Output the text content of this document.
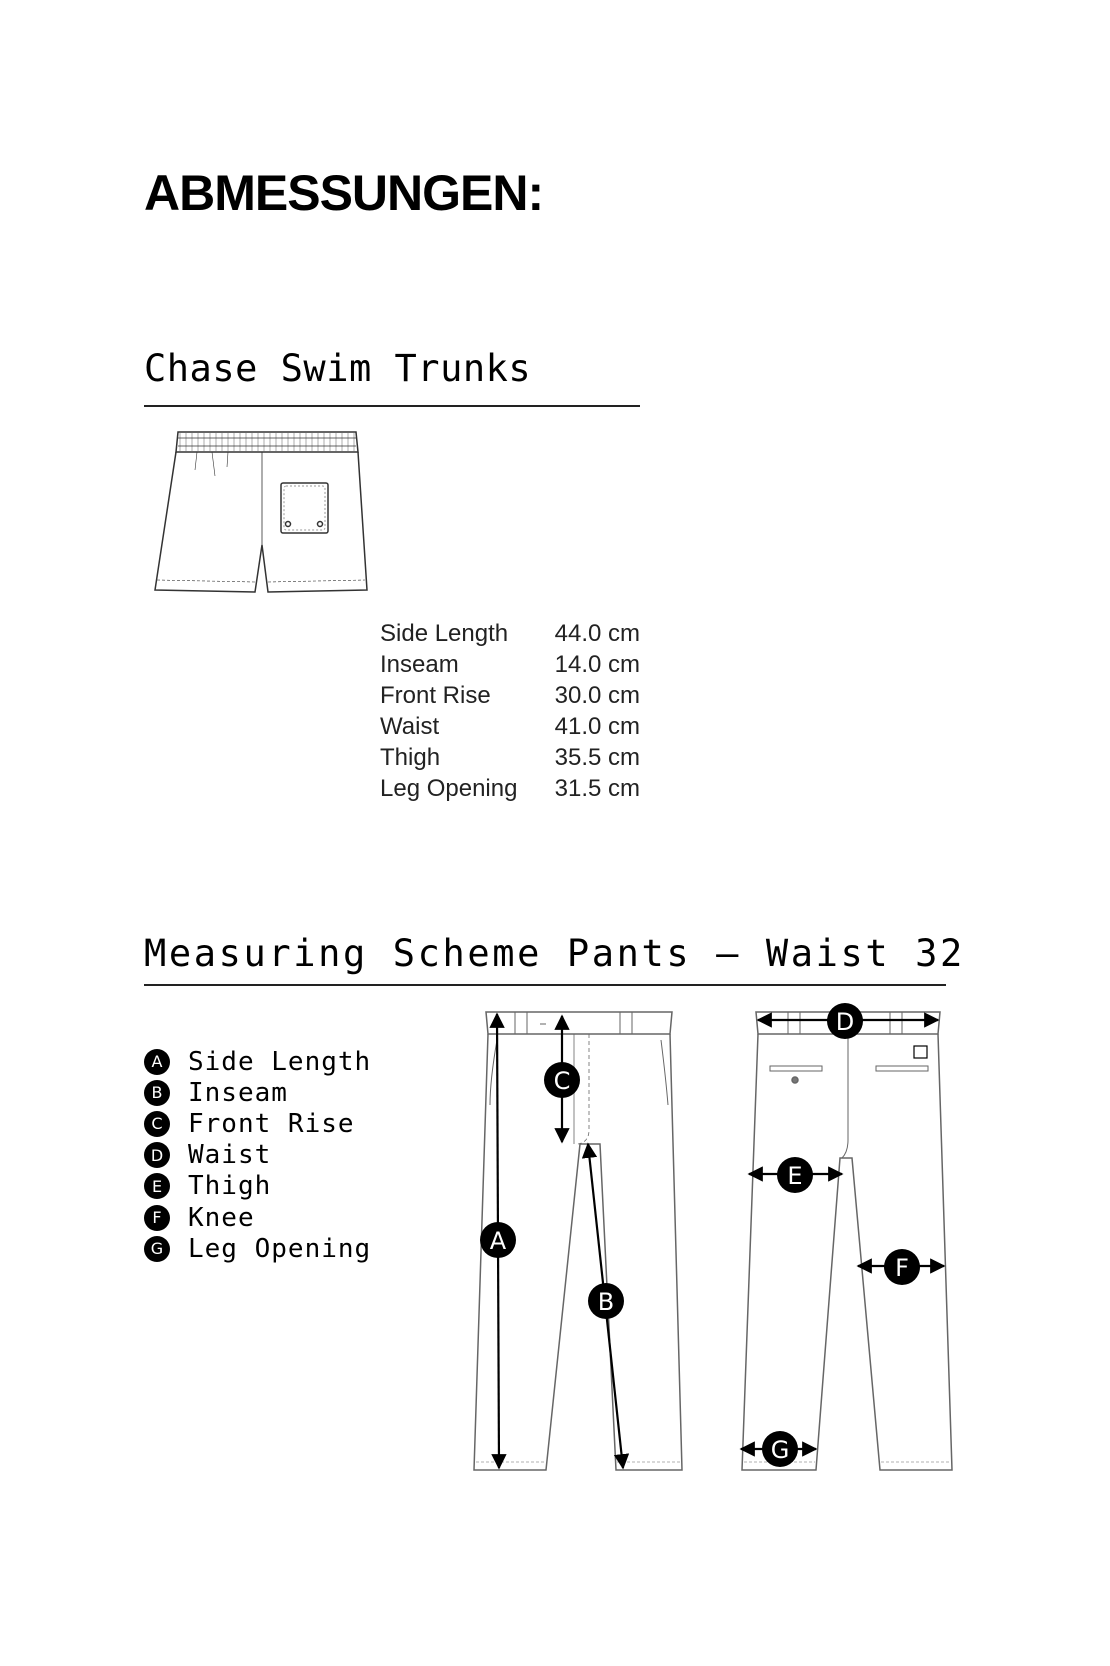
ABMESSUNGEN:
Chase Swim Trunks
A
B
C
D
E
F
G
Side Length	44.0 cm
Inseam	14.0 cm
Front Rise	30.0 cm
Waist	41.0 cm
Thigh	35.5 cm
Leg Opening	31.5 cm
Measuring Scheme Pants – Waist 32
A Side Length
B Inseam
C Front Rise
D Waist
E Thigh
F	Knee
G Leg Opening
